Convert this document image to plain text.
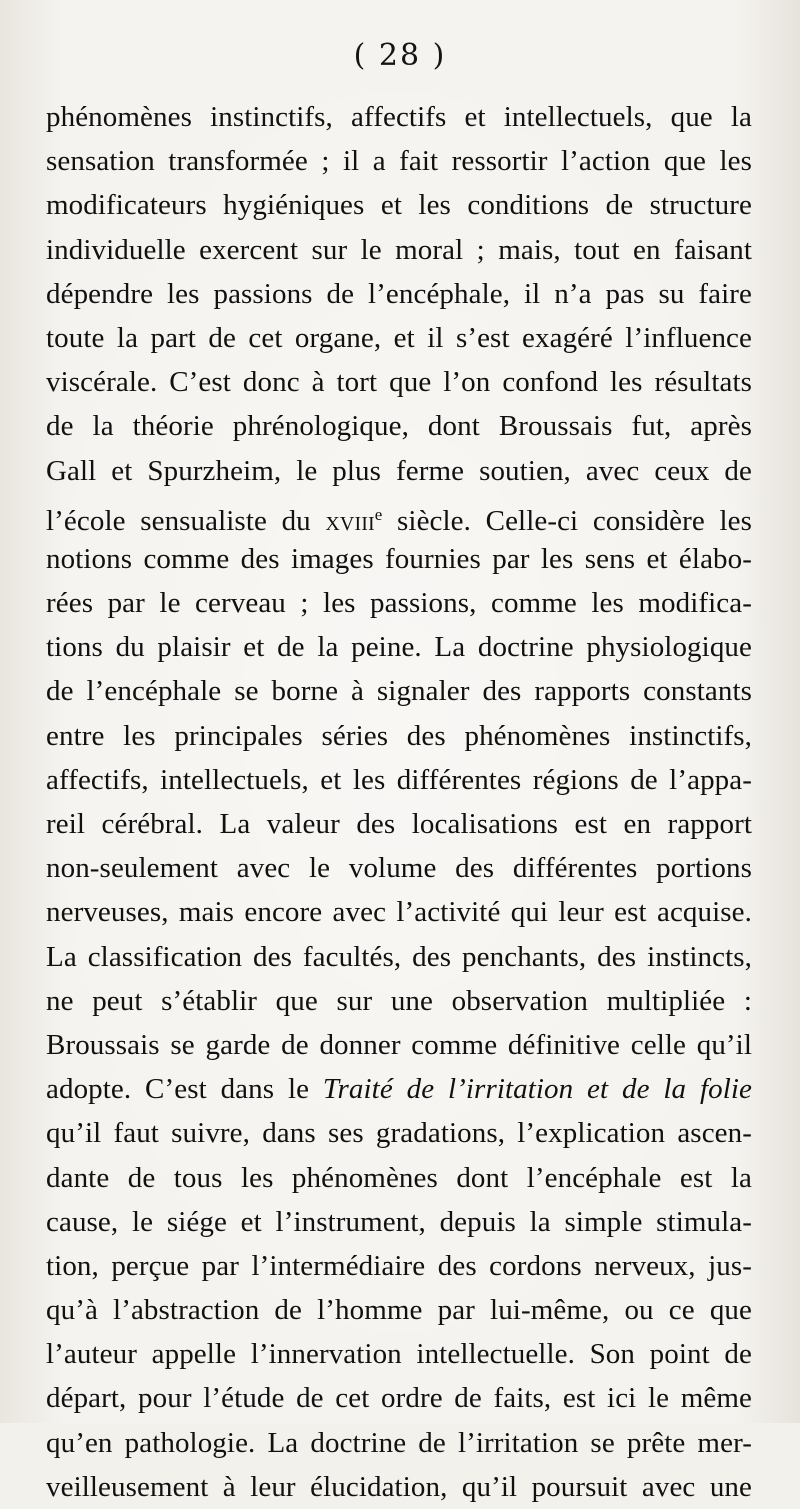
( 28 )
phénomènes instinctifs, affectifs et intellectuels, que la
sensation transformée ; il a fait ressortir l’action que les
modificateurs hygiéniques et les conditions de structure
individuelle exercent sur le moral ; mais, tout en faisant
dépendre les passions de l’encéphale, il n’a pas su faire
toute la part de cet organe, et il s’est exagéré l’influence
viscérale. C’est donc à tort que l’on confond les résultats
de la théorie phrénologique, dont Broussais fut, après
Gall et Spurzheim, le plus ferme soutien, avec ceux de
l’école sensualiste du xviii$^e$ siècle. Celle-ci considère les
notions comme des images fournies par les sens et élabo-
rées par le cerveau ; les passions, comme les modifica-
tions du plaisir et de la peine. La doctrine physiologique
de l’encéphale se borne à signaler des rapports constants
entre les principales séries des phénomènes instinctifs,
affectifs, intellectuels, et les différentes régions de l’appa-
reil cérébral. La valeur des localisations est en rapport
non-seulement avec le volume des différentes portions
nerveuses, mais encore avec l’activité qui leur est acquise.
La classification des facultés, des penchants, des instincts,
ne peut s’établir que sur une observation multipliée :
Broussais se garde de donner comme définitive celle qu’il
adopte. C’est dans le Traité de l’irritation et de la folie
qu’il faut suivre, dans ses gradations, l’explication ascen-
dante de tous les phénomènes dont l’encéphale est la
cause, le siége et l’instrument, depuis la simple stimula-
tion, perçue par l’intermédiaire des cordons nerveux, jus-
qu’à l’abstraction de l’homme par lui-même, ou ce que
l’auteur appelle l’innervation intellectuelle. Son point de
départ, pour l’étude de cet ordre de faits, est ici le même
qu’en pathologie. La doctrine de l’irritation se prête mer-
veilleusement à leur élucidation, qu’il poursuit avec une
